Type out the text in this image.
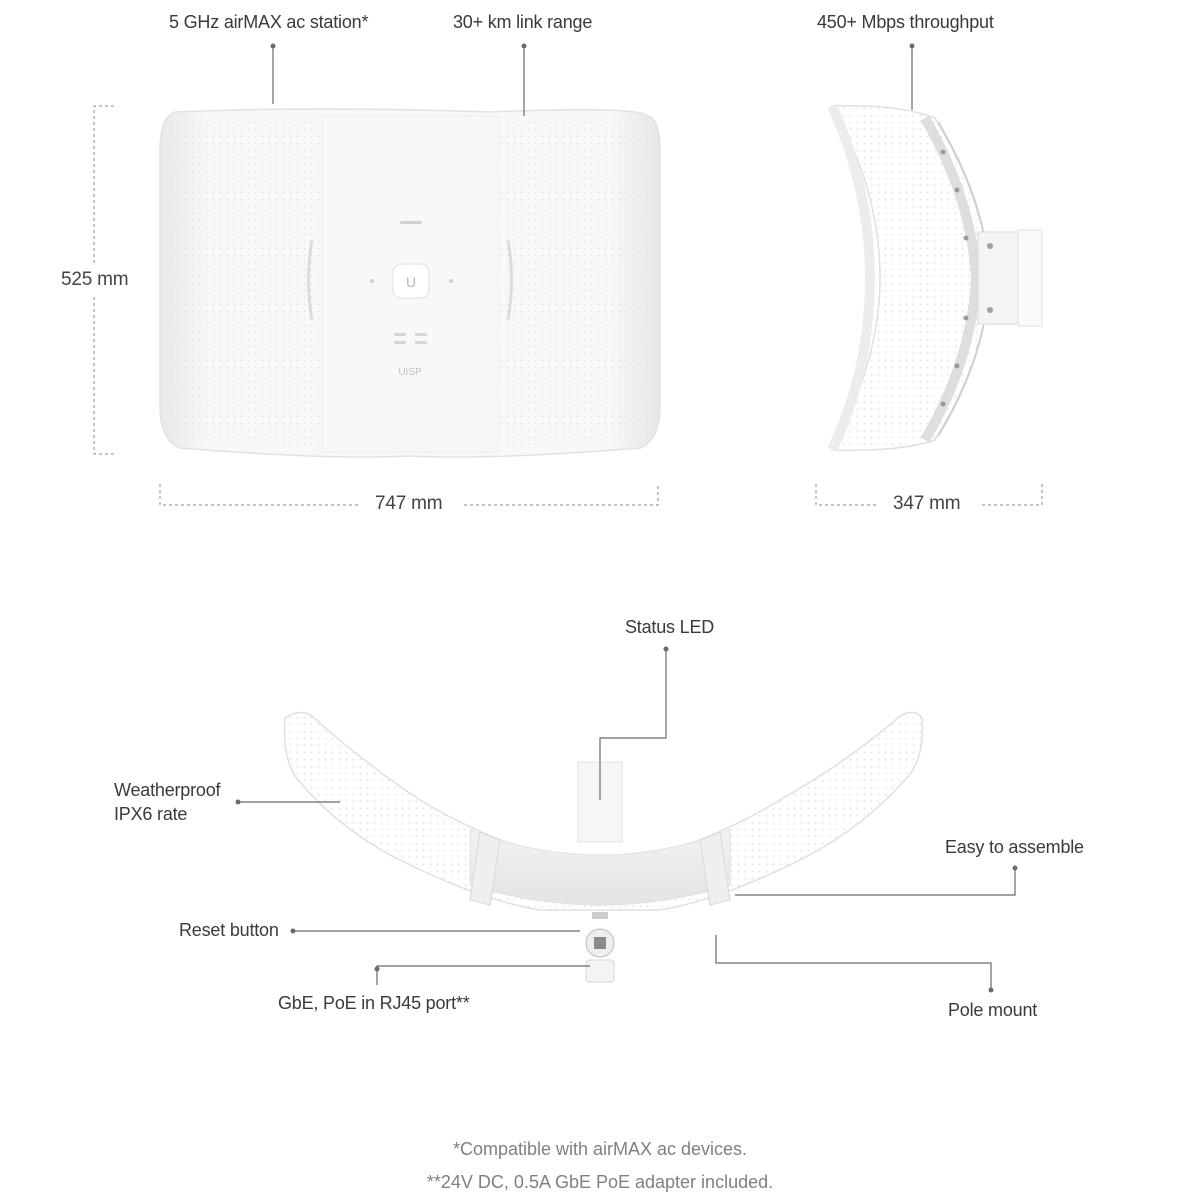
U
UISP
5 GHz airMAX ac station*	30+ km link range	450+ Mbps throughput
525 mm
747 mm	347 mm
Status LED
Weatherproof
IPX6 rate
Easy to assemble
Reset button
GbE, PoE in RJ45 port**	Pole mount
*Compatible with airMAX ac devices.
**24V DC, 0.5A GbE PoE adapter included.
